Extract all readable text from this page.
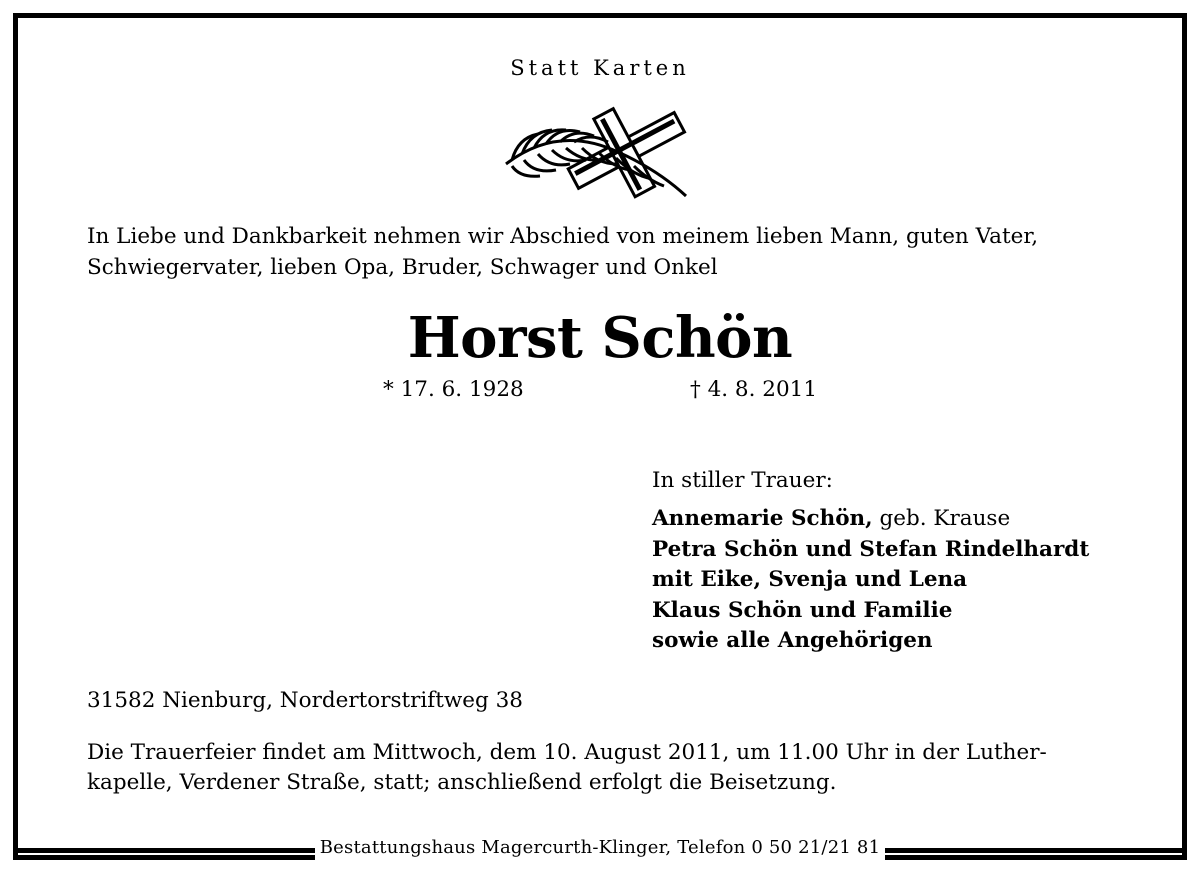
Statt Karten
In Liebe und Dankbarkeit nehmen wir Abschied von meinem lieben Mann, guten Vater,
Schwiegervater, lieben Opa, Bruder, Schwager und Onkel
Horst Schön
* 17. 6. 1928	† 4. 8. 2011
In stiller Trauer:
Annemarie Schön, geb. Krause
Petra Schön und Stefan Rindelhardt
mit Eike, Svenja und Lena
Klaus Schön und Familie
sowie alle Angehörigen
31582 Nienburg, Nordertorstriftweg 38
Die Trauerfeier findet am Mittwoch, dem 10. August 2011, um 11.00 Uhr in der Luther-
kapelle, Verdener Straße, statt; anschließend erfolgt die Beisetzung.
Bestattungshaus Magercurth-Klinger, Telefon 0 50 21/21 81
